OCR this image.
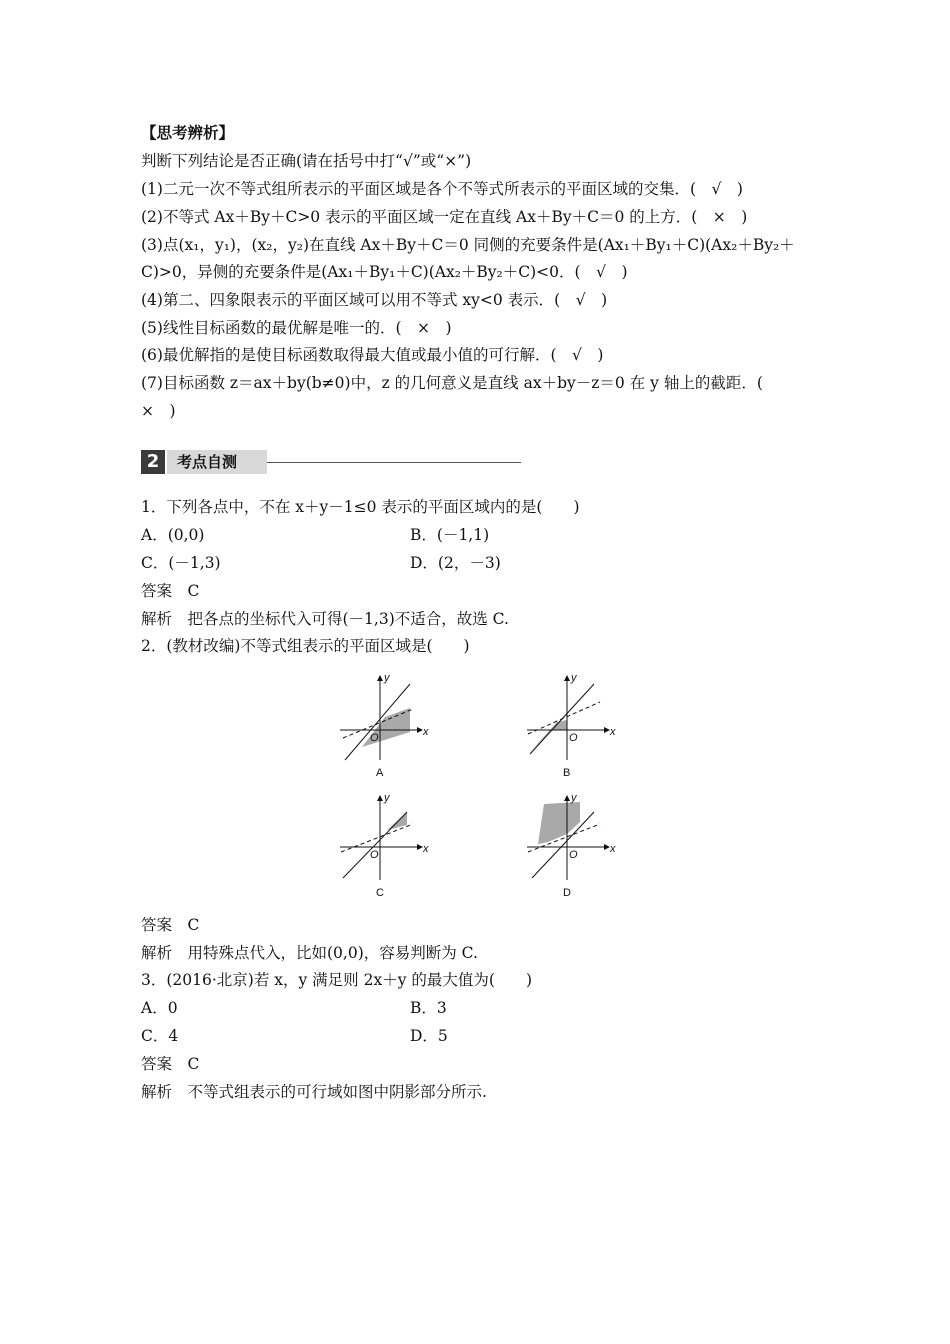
【思考辨析】
判断下列结论是否正确(请在括号中打“√”或“×”)
(1)二元一次不等式组所表示的平面区域是各个不等式所表示的平面区域的交集．(　√　)
(2)不等式 Ax＋By＋C>0 表示的平面区域一定在直线 Ax＋By＋C＝0 的上方．(　×　)
(3)点(x₁，y₁)，(x₂，y₂)在直线 Ax＋By＋C＝0 同侧的充要条件是(Ax₁＋By₁＋C)(Ax₂＋By₂＋
C)>0，异侧的充要条件是(Ax₁＋By₁＋C)(Ax₂＋By₂＋C)<0．(　√　)
(4)第二、四象限表示的平面区域可以用不等式 xy<0 表示．(　√　)
(5)线性目标函数的最优解是唯一的．(　×　)
(6)最优解指的是使目标函数取得最大值或最小值的可行解．(　√　)
(7)目标函数 z＝ax＋by(b≠0)中，z 的几何意义是直线 ax＋by－z＝0 在 y 轴上的截距．(
×　)
2	考点自测
1．下列各点中，不在 x＋y－1≤0 表示的平面区域内的是(　　)
A．(0,0)	B．(－1,1)
C．(－1,3)	D．(2，－3)
答案　C
解析　把各点的坐标代入可得(－1,3)不适合，故选 C.
2．(教材改编)不等式组表示的平面区域是(　　)
y
x
O
A
y
x
O
B
y
x
O
C
y
x
O
D
答案　C
解析　用特殊点代入，比如(0,0)，容易判断为 C.
3．(2016·北京)若 x，y 满足则 2x＋y 的最大值为(　　)
A．0	B．3
C．4	D．5
答案　C
解析　不等式组表示的可行域如图中阴影部分所示.
